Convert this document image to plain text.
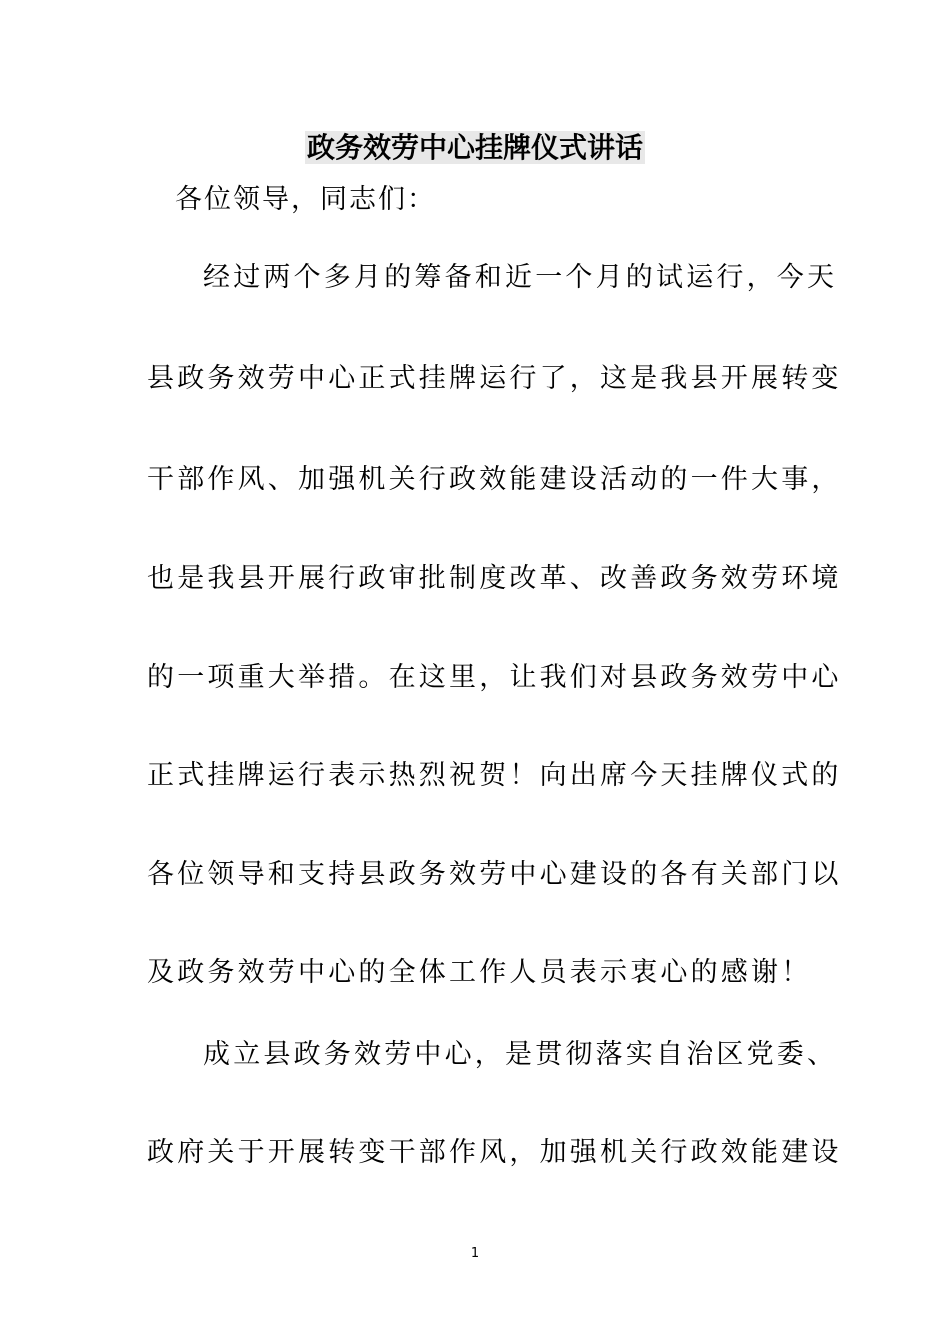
政务效劳中心挂牌仪式讲话

各位领导，同志们：

经过两个多月的筹备和近一个月的试运行，今天

县政务效劳中心正式挂牌运行了，这是我县开展转变

干部作风、加强机关行政效能建设活动的一件大事，

也是我县开展行政审批制度改革、改善政务效劳环境

的一项重大举措。在这里，让我们对县政务效劳中心

正式挂牌运行表示热烈祝贺！向出席今天挂牌仪式的

各位领导和支持县政务效劳中心建设的各有关部门以

及政务效劳中心的全体工作人员表示衷心的感谢！

成立县政务效劳中心，是贯彻落实自治区党委、

政府关于开展转变干部作风，加强机关行政效能建设

1
